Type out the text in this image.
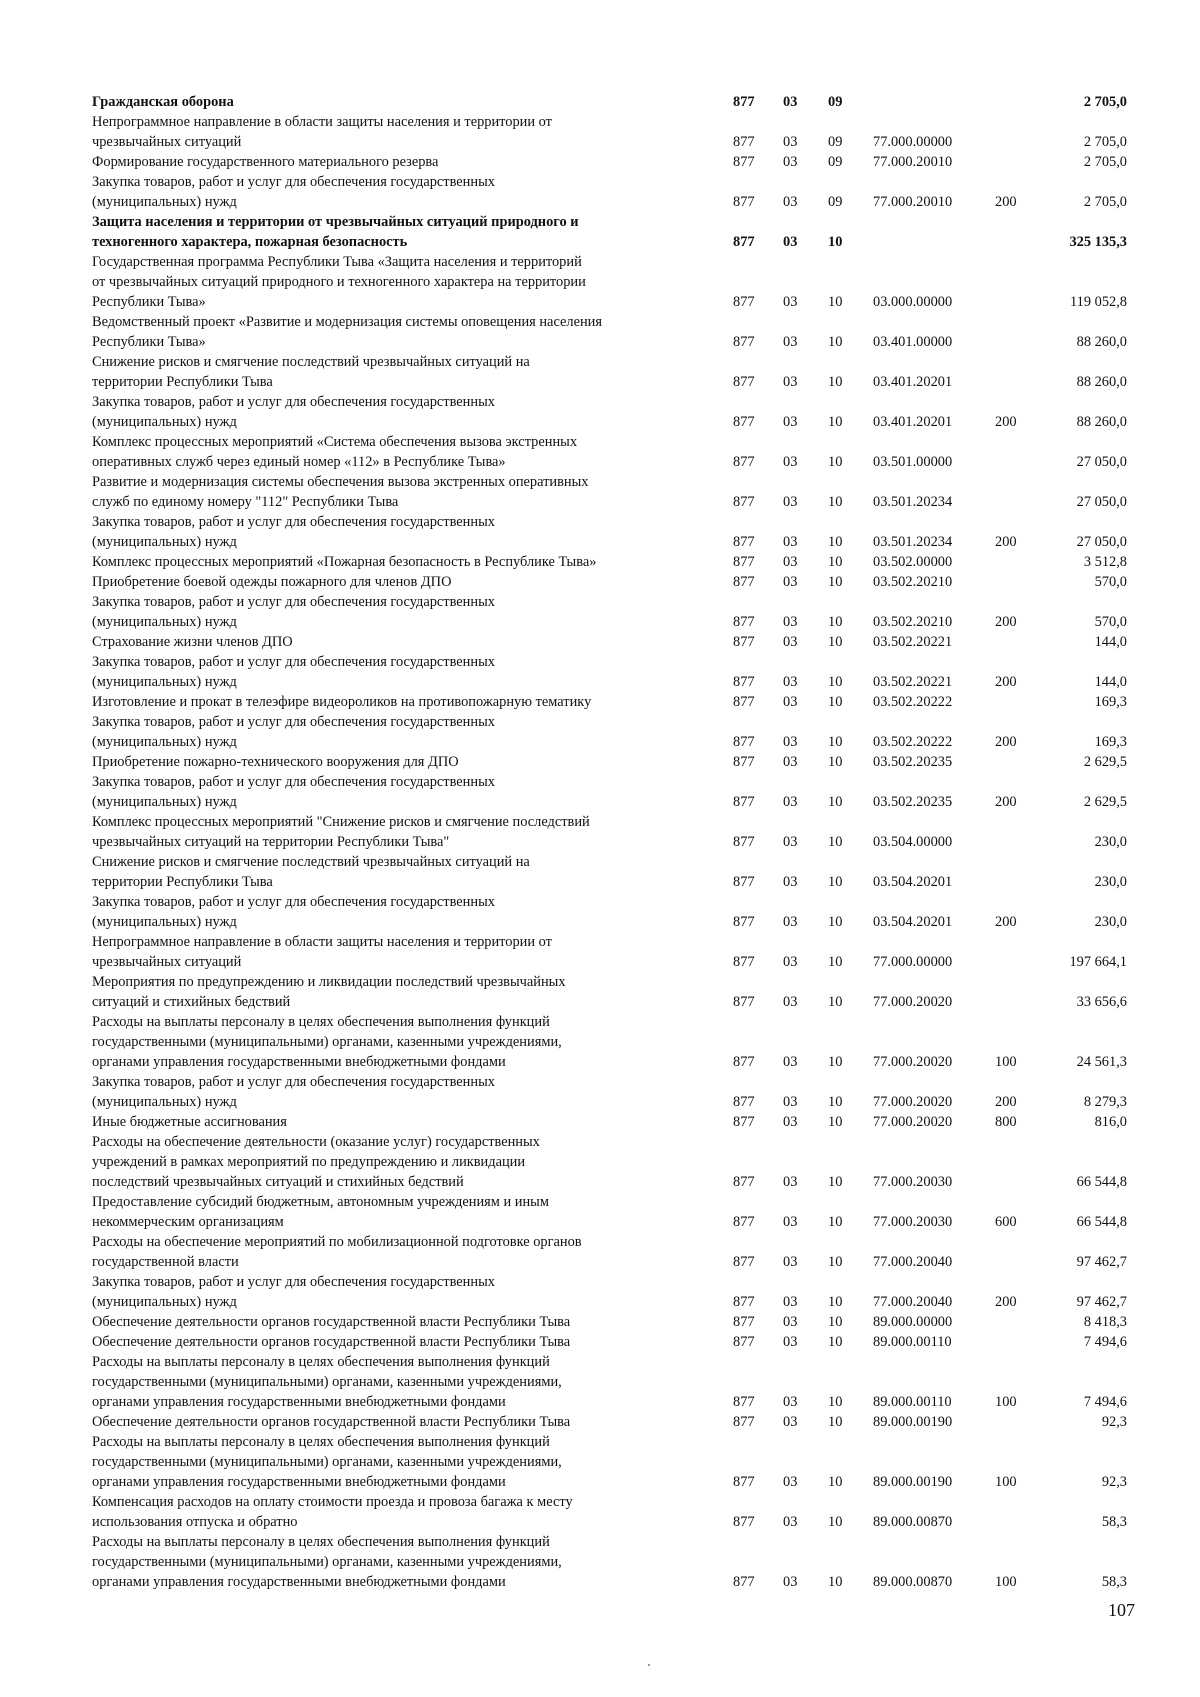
Гражданская оборона	877	03	09			2 705,0
Непрограммное направление в области защиты населения и территории от
чрезвычайных ситуаций	877	03	09	77.000.00000		2 705,0
Формирование государственного материального резерва	877	03	09	77.000.20010		2 705,0
Закупка товаров, работ и услуг для обеспечения государственных
(муниципальных) нужд	877	03	09	77.000.20010	200	2 705,0
Защита населения и территории от чрезвычайных ситуаций природного и
техногенного характера, пожарная безопасность	877	03	10			325 135,3
Государственная программа Республики Тыва «Защита населения и территорий
от чрезвычайных ситуаций природного и техногенного характера на территории
Республики Тыва»	877	03	10	03.000.00000		119 052,8
Ведомственный проект «Развитие и модернизация системы оповещения населения
Республики Тыва»	877	03	10	03.401.00000		88 260,0
Снижение рисков и смягчение последствий чрезвычайных ситуаций на
территории Республики Тыва	877	03	10	03.401.20201		88 260,0
Закупка товаров, работ и услуг для обеспечения государственных
(муниципальных) нужд	877	03	10	03.401.20201	200	88 260,0
Комплекс процессных мероприятий «Система обеспечения вызова экстренных
оперативных служб через единый номер «112» в Республике Тыва»	877	03	10	03.501.00000		27 050,0
Развитие и модернизация системы обеспечения вызова экстренных оперативных
служб по единому номеру "112" Республики Тыва	877	03	10	03.501.20234		27 050,0
Закупка товаров, работ и услуг для обеспечения государственных
(муниципальных) нужд	877	03	10	03.501.20234	200	27 050,0
Комплекс процессных мероприятий «Пожарная безопасность в Республике Тыва»	877	03	10	03.502.00000		3 512,8
Приобретение боевой одежды пожарного для членов ДПО	877	03	10	03.502.20210		570,0
Закупка товаров, работ и услуг для обеспечения государственных
(муниципальных) нужд	877	03	10	03.502.20210	200	570,0
Страхование жизни членов ДПО	877	03	10	03.502.20221		144,0
Закупка товаров, работ и услуг для обеспечения государственных
(муниципальных) нужд	877	03	10	03.502.20221	200	144,0
Изготовление и прокат в телеэфире видеороликов на противопожарную тематику	877	03	10	03.502.20222		169,3
Закупка товаров, работ и услуг для обеспечения государственных
(муниципальных) нужд	877	03	10	03.502.20222	200	169,3
Приобретение пожарно-технического вооружения для ДПО	877	03	10	03.502.20235		2 629,5
Закупка товаров, работ и услуг для обеспечения государственных
(муниципальных) нужд	877	03	10	03.502.20235	200	2 629,5
Комплекс процессных мероприятий "Снижение рисков и смягчение последствий
чрезвычайных ситуаций на территории Республики Тыва"	877	03	10	03.504.00000		230,0
Снижение рисков и смягчение последствий чрезвычайных ситуаций на
территории Республики Тыва	877	03	10	03.504.20201		230,0
Закупка товаров, работ и услуг для обеспечения государственных
(муниципальных) нужд	877	03	10	03.504.20201	200	230,0
Непрограммное направление в области защиты населения и территории от
чрезвычайных ситуаций	877	03	10	77.000.00000		197 664,1
Мероприятия по предупреждению и ликвидации последствий чрезвычайных
ситуаций и стихийных бедствий	877	03	10	77.000.20020		33 656,6
Расходы на выплаты персоналу в целях обеспечения выполнения функций
государственными (муниципальными) органами, казенными учреждениями,
органами управления государственными внебюджетными фондами	877	03	10	77.000.20020	100	24 561,3
Закупка товаров, работ и услуг для обеспечения государственных
(муниципальных) нужд	877	03	10	77.000.20020	200	8 279,3
Иные бюджетные ассигнования	877	03	10	77.000.20020	800	816,0
Расходы на обеспечение деятельности (оказание услуг) государственных
учреждений в рамках мероприятий по предупреждению и ликвидации
последствий чрезвычайных ситуаций и стихийных бедствий	877	03	10	77.000.20030		66 544,8
Предоставление субсидий бюджетным, автономным учреждениям и иным
некоммерческим организациям	877	03	10	77.000.20030	600	66 544,8
Расходы на обеспечение мероприятий по мобилизационной подготовке органов
государственной власти	877	03	10	77.000.20040		97 462,7
Закупка товаров, работ и услуг для обеспечения государственных
(муниципальных) нужд	877	03	10	77.000.20040	200	97 462,7
Обеспечение деятельности органов государственной власти Республики Тыва	877	03	10	89.000.00000		8 418,3
Обеспечение деятельности органов государственной власти Республики Тыва	877	03	10	89.000.00110		7 494,6
Расходы на выплаты персоналу в целях обеспечения выполнения функций
государственными (муниципальными) органами, казенными учреждениями,
органами управления государственными внебюджетными фондами	877	03	10	89.000.00110	100	7 494,6
Обеспечение деятельности органов государственной власти Республики Тыва	877	03	10	89.000.00190		92,3
Расходы на выплаты персоналу в целях обеспечения выполнения функций
государственными (муниципальными) органами, казенными учреждениями,
органами управления государственными внебюджетными фондами	877	03	10	89.000.00190	100	92,3
Компенсация расходов на оплату стоимости проезда и провоза багажа к месту
использования отпуска и обратно	877	03	10	89.000.00870		58,3
Расходы на выплаты персоналу в целях обеспечения выполнения функций
государственными (муниципальными) органами, казенными учреждениями,
органами управления государственными внебюджетными фондами	877	03	10	89.000.00870	100	58,3
107
